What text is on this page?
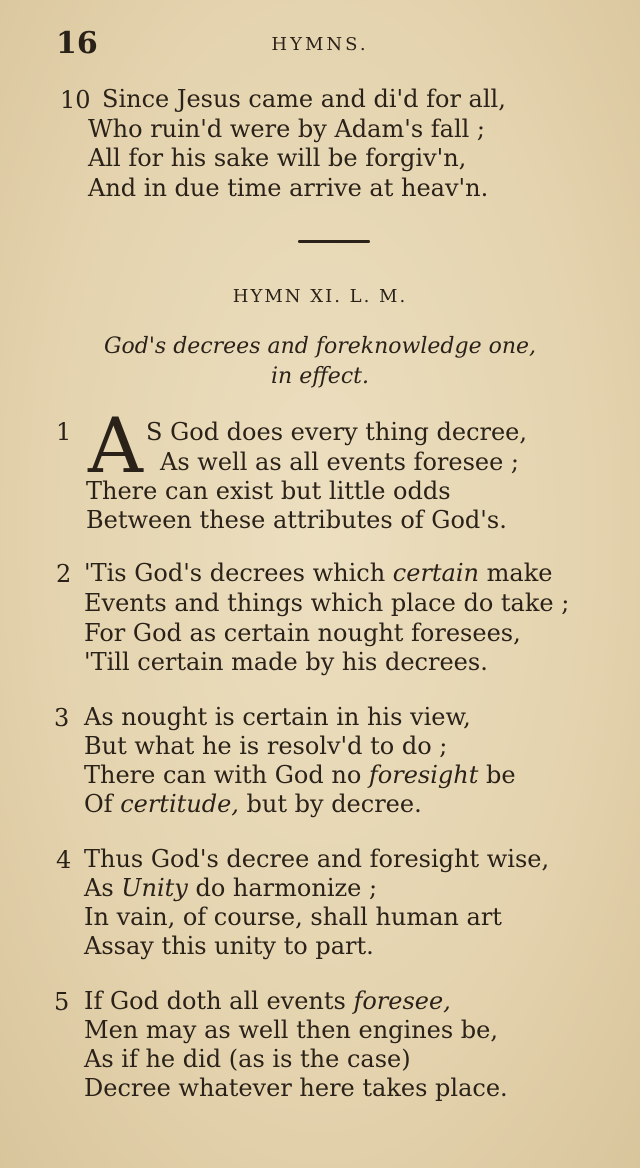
16	HYMNS.
10 Since Jesus came and di'd for all,
Who ruin'd were by Adam's fall ;
All for his sake will be forgiv'n,
And in due time arrive at heav'n.
HYMN XI. L. M.
God's decrees and foreknowledge one,
in effect.
1 A S God does every thing decree,
As well as all events foresee ;
There can exist but little odds
Between these attributes of God's.
2 'Tis God's decrees which certain make
Events and things which place do take ;
For God as certain nought foresees,
'Till certain made by his decrees.
3 As nought is certain in his view,
But what he is resolv'd to do ;
There can with God no foresight be
Of certitude, but by decree.
4 Thus God's decree and foresight wise,
As Unity do harmonize ;
In vain, of course, shall human art
Assay this unity to part.
5 If God doth all events foresee,
Men may as well then engines be,
As if he did (as is the case)
Decree whatever here takes place.
